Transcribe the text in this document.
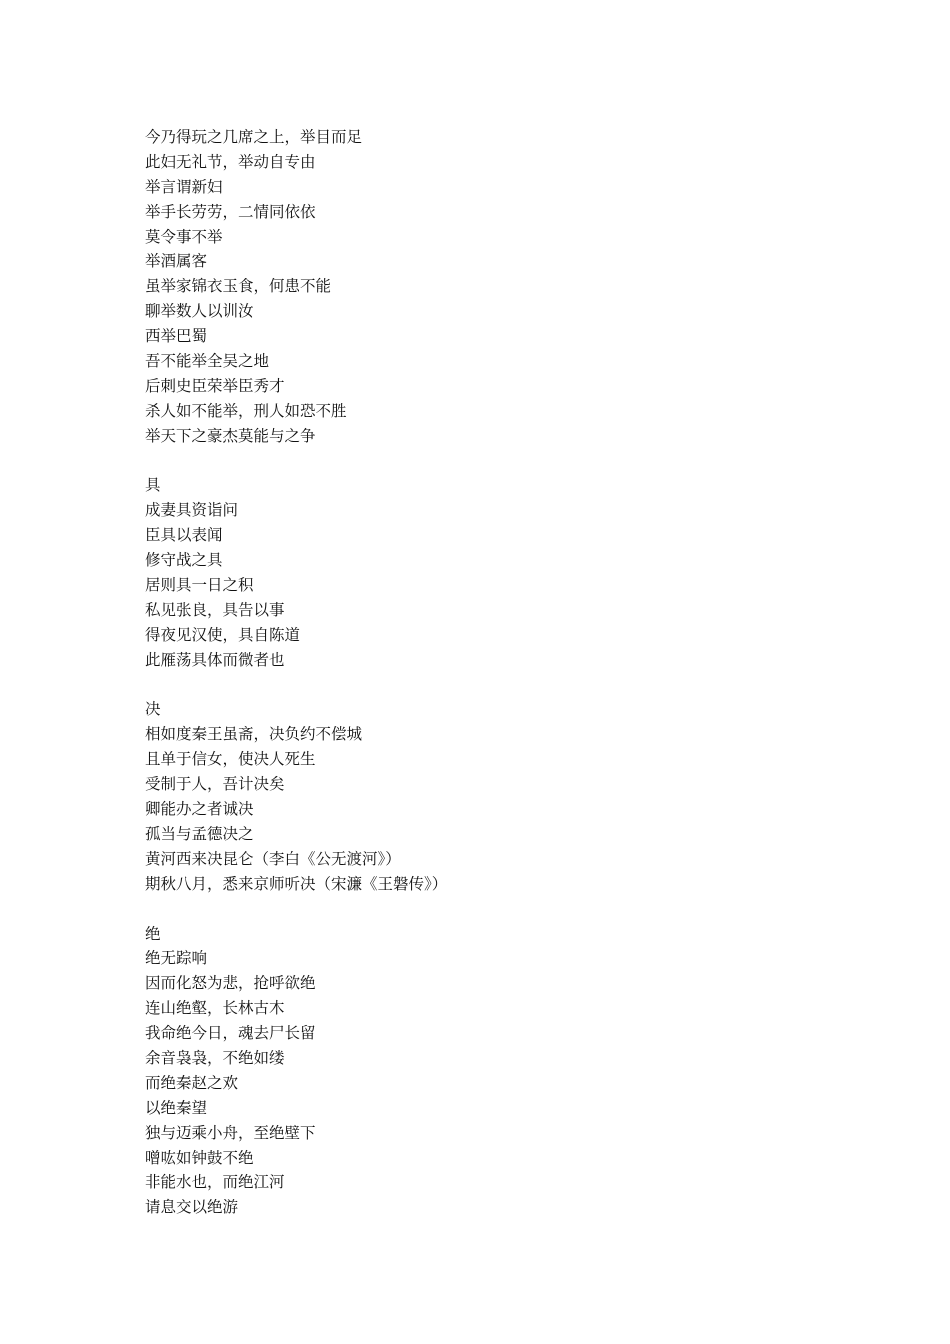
今乃得玩之几席之上，举目而足
此妇无礼节，举动自专由
举言谓新妇
举手长劳劳，二情同依依
莫令事不举
举酒属客
虽举家锦衣玉食，何患不能
聊举数人以训汝
西举巴蜀
吾不能举全吴之地
后刺史臣荣举臣秀才
杀人如不能举，刑人如恐不胜
举天下之豪杰莫能与之争
具
成妻具资诣问
臣具以表闻
修守战之具
居则具一日之积
私见张良，具告以事
得夜见汉使，具自陈道
此雁荡具体而微者也
决
相如度秦王虽斋，决负约不偿城
且单于信女，使决人死生
受制于人，吾计决矣
卿能办之者诚决
孤当与孟德决之
黄河西来决昆仑（李白《公无渡河》）
期秋八月，悉来京师听决（宋濂《王磐传》）
绝
绝无踪响
因而化怒为悲，抢呼欲绝
连山绝壑，长林古木
我命绝今日，魂去尸长留
余音袅袅，不绝如缕
而绝秦赵之欢
以绝秦望
独与迈乘小舟，至绝壁下
噌吰如钟鼓不绝
非能水也，而绝江河
请息交以绝游
